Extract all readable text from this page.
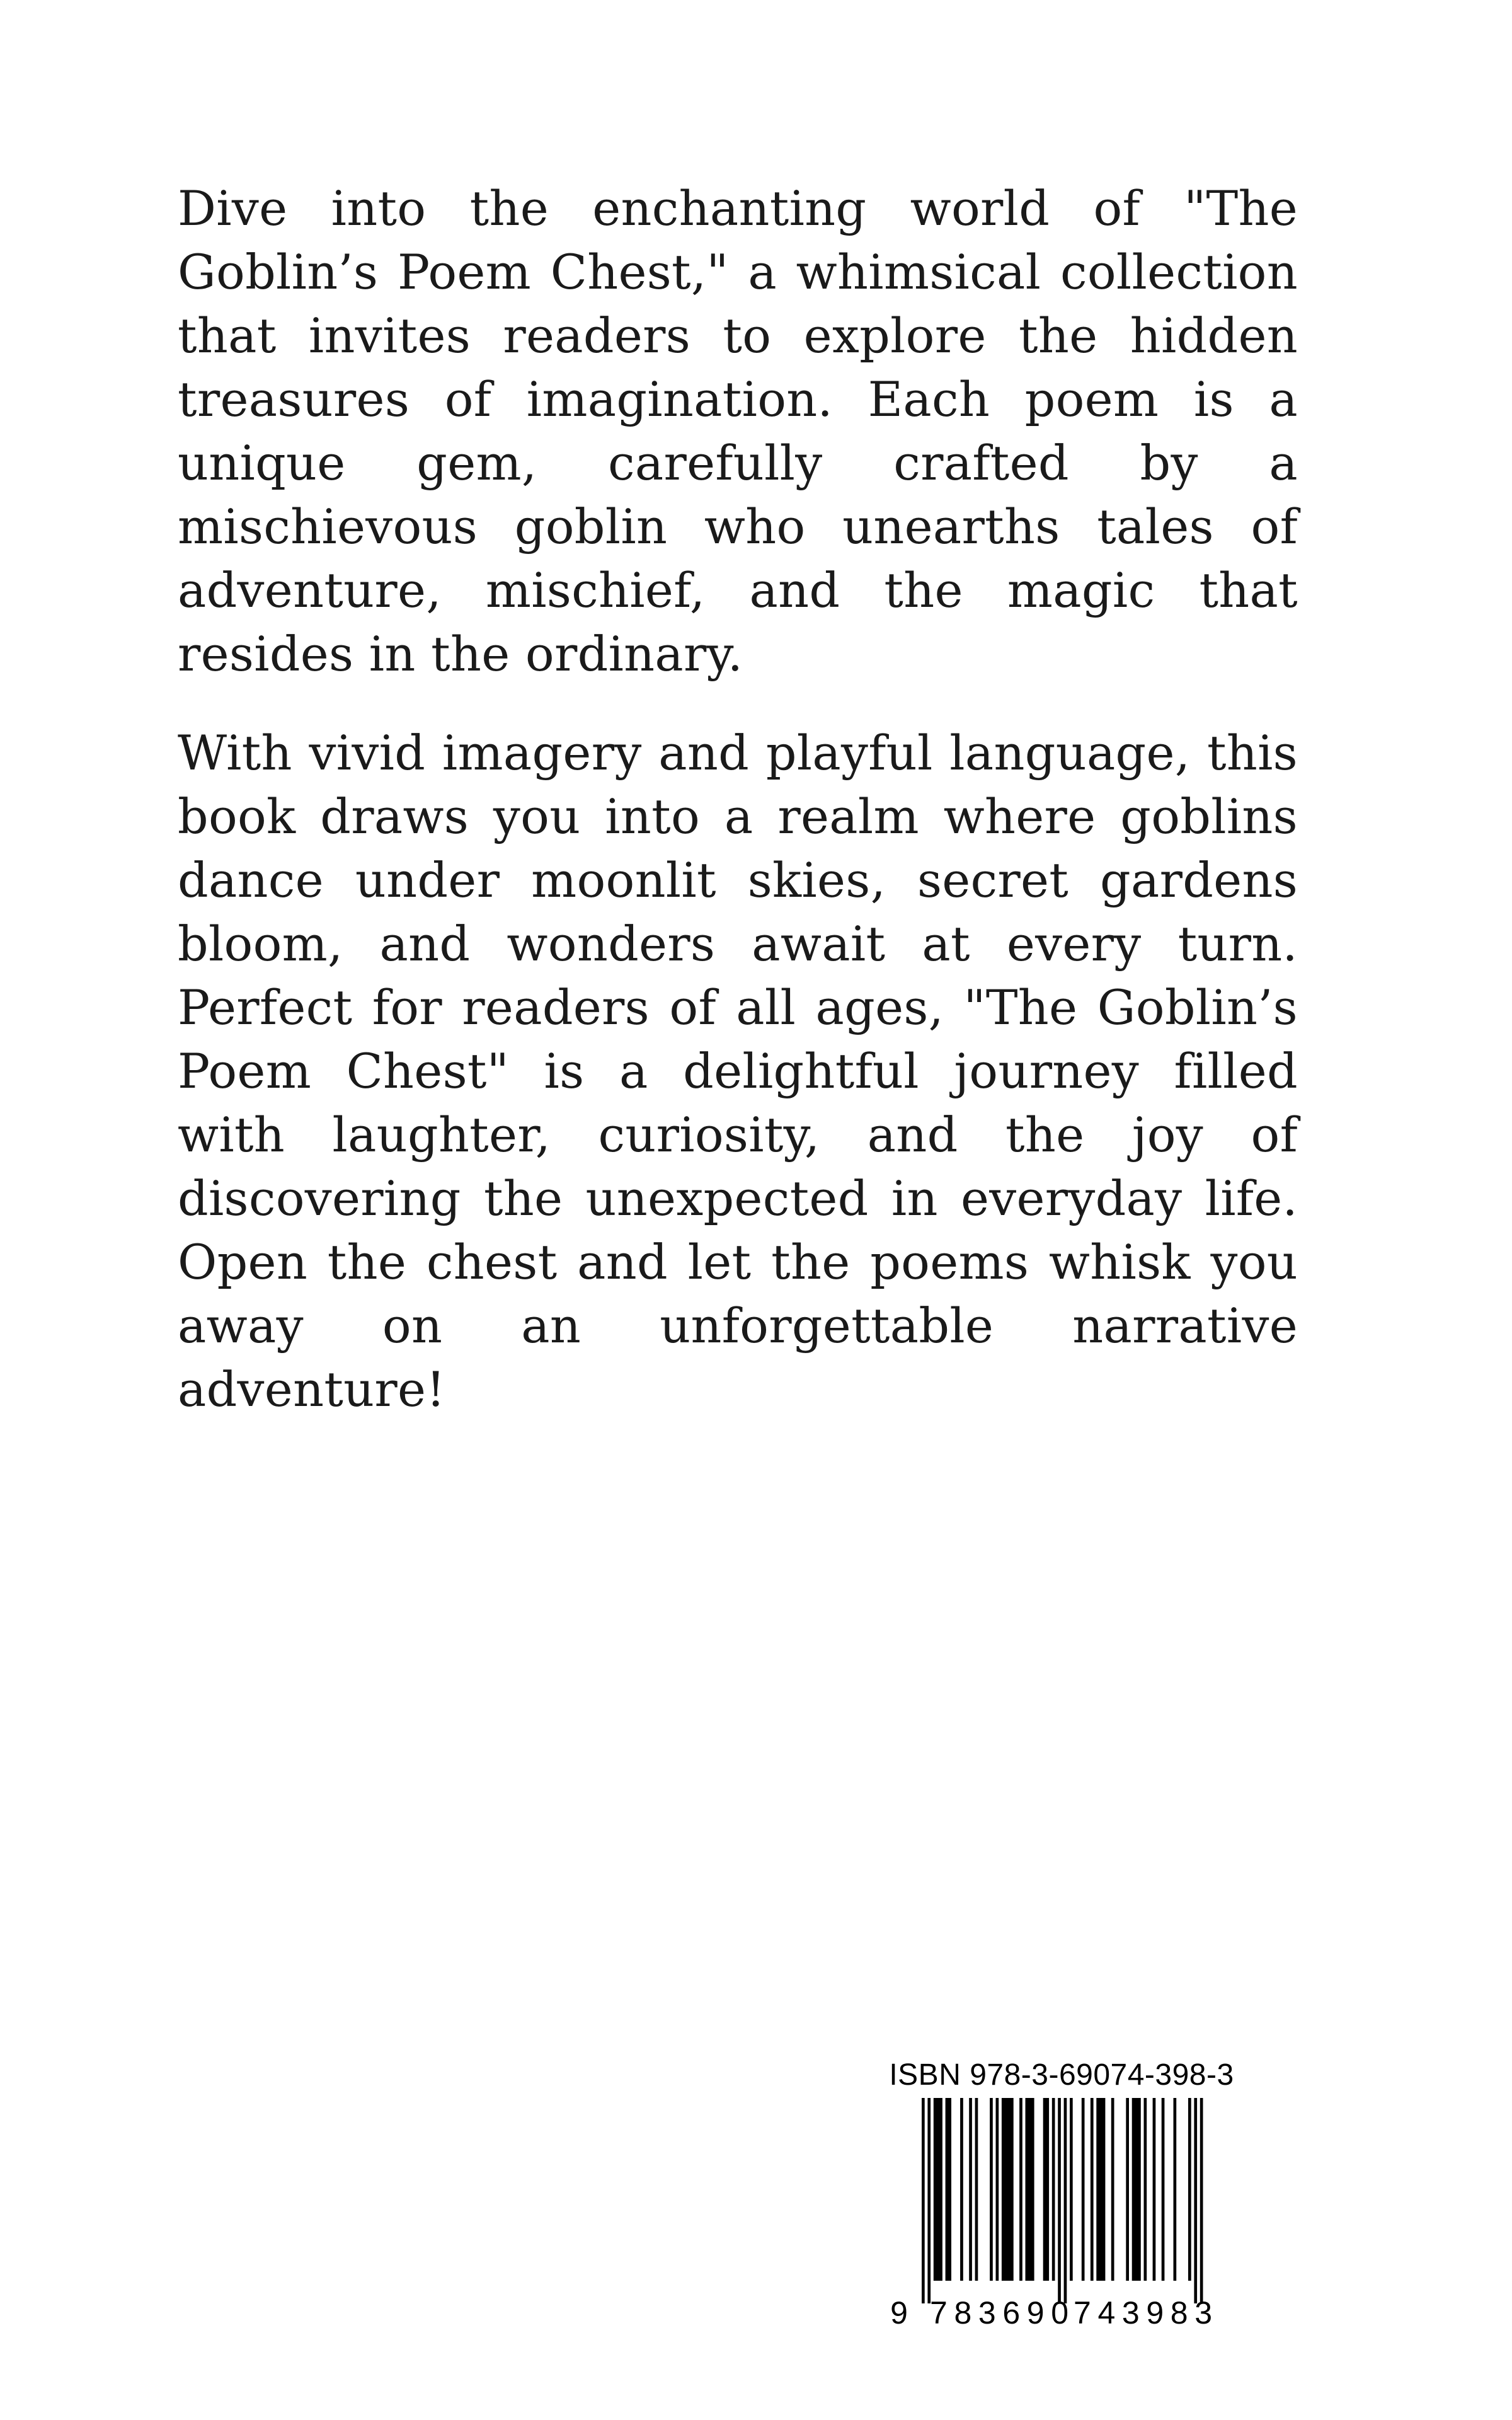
Dive into the enchanting world of "The Goblin’s Poem Chest," a whimsical collection that invites readers to explore the hidden treasures of imagination. Each poem is a unique gem, carefully crafted by a mischievous goblin who unearths tales of adventure, mischief, and the magic that resides in the ordinary.

With vivid imagery and playful language, this book draws you into a realm where goblins dance under moonlit skies, secret gardens bloom, and wonders await at every turn. Perfect for readers of all ages, "The Goblin’s Poem Chest" is a delightful journey filled with laughter, curiosity, and the joy of discovering the unexpected in everyday life. Open the chest and let the poems whisk you away on an unforgettable narrative adventure!

ISBN 978-3-69074-398-3
9 783690 743983
